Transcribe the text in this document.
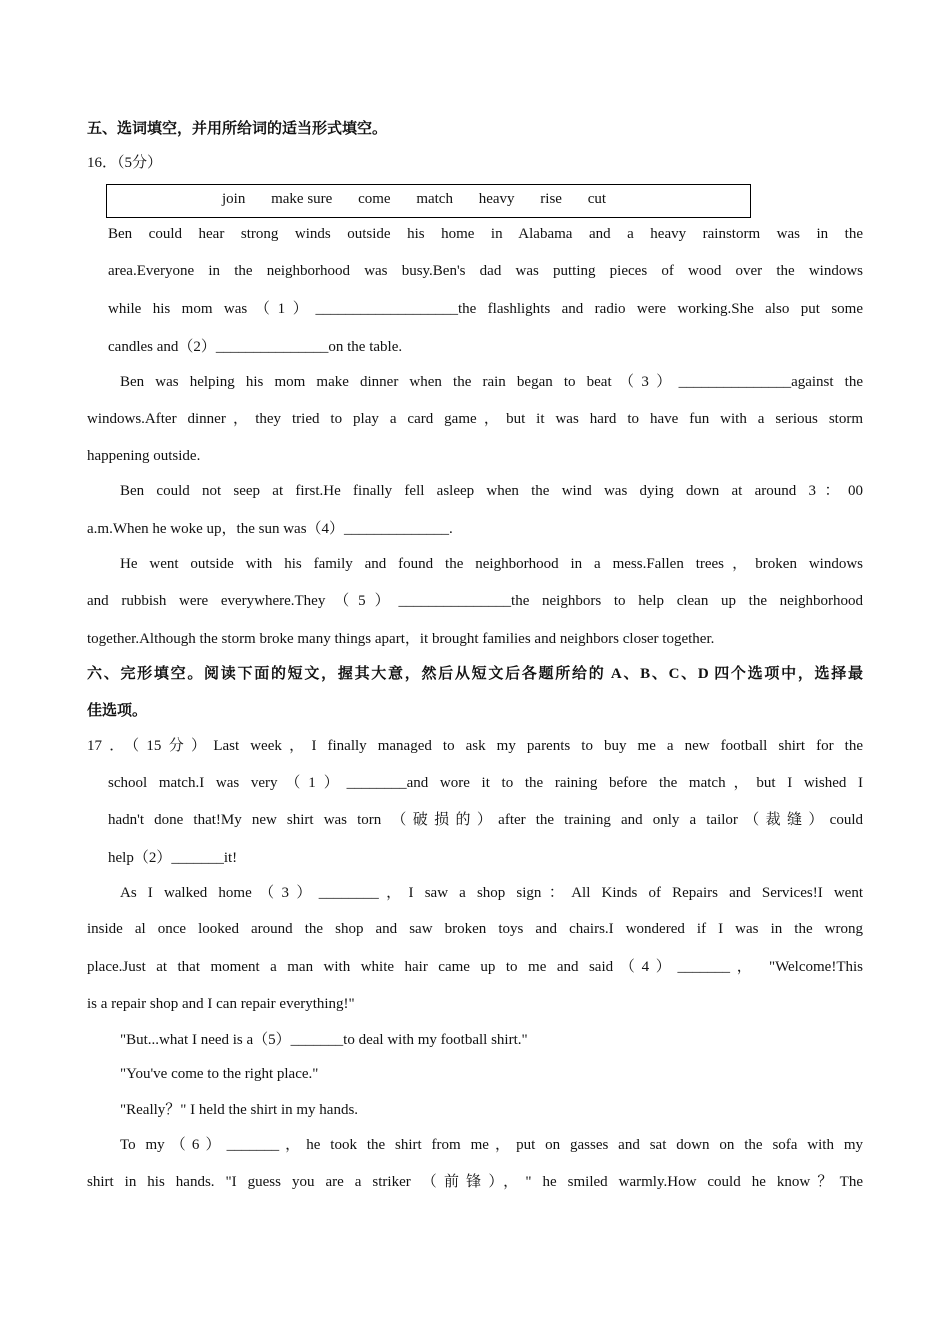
五、选词填空，并用所给词的适当形式填空。
16．（5分）
join make sure come match heavy rise cut
Ben could hear strong winds outside his home in Alabama and a heavy rainstorm was in the
area.Everyone in the neighborhood was busy.Ben's dad was putting pieces of wood over the windows
while his mom was（1）___________________the flashlights and radio were working.She also put some
candles and（2）_______________on the table.
Ben was helping his mom make dinner when the rain began to beat（3）_______________against the
windows.After dinner，they tried to play a card game，but it was hard to have fun with a serious storm
happening outside.
Ben could not seep at first.He finally fell asleep when the wind was dying down at around 3：00
a.m.When he woke up，the sun was（4）______________.
He went outside with his family and found the neighborhood in a mess.Fallen trees，broken windows
and rubbish were everywhere.They（5）_______________the neighbors to help clean up the neighborhood
together.Although the storm broke many things apart，it brought families and neighbors closer together.
六、完形填空。阅读下面的短文，握其大意，然后从短文后各题所给的 A、B、C、D 四个选项中，选择最
佳选项。
17．（15分）Last week，I finally managed to ask my parents to buy me a new football shirt for the
school match.I was very（1）________and wore it to the raining before the match，but I wished I
hadn't done that!My new shirt was torn （破损的）after the training and only a tailor（裁缝）could
help（2）_______it!
As I walked home（3）________，I saw a shop sign：All Kinds of Repairs and Services!I went
inside al once looked around the shop and saw broken toys and chairs.I wondered if I was in the wrong
place.Just at that moment a man with white hair came up to me and said（4）_______， "Welcome!This
is a repair shop and I can repair everything!"
"But...what I need is a（5）_______to deal with my football shirt."
"You've come to the right place."
"Really？" I held the shirt in my hands.
To my（6）_______，he took the shirt from me，put on gasses and sat down on the sofa with my
shirt in his hands. "I guess you are a striker （前锋），" he smiled warmly.How could he know？The
